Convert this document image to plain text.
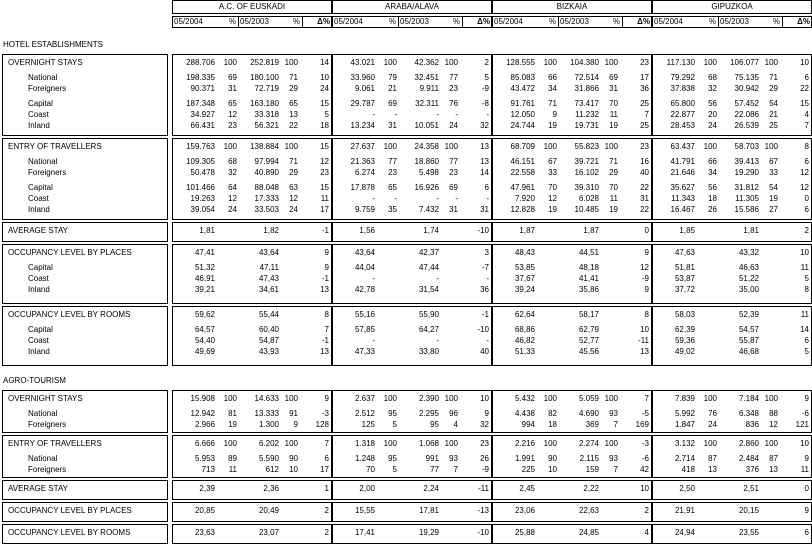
A.C. OF EUSKADI
05/2004	% 05/2003	%	Δ%
ARABA/ALAVA
05/2004	% 05/2003	%	Δ%
BIZKAIA
05/2004	% 05/2003	%	Δ%
GIPUZKOA
05/2004	% 05/2003	%	Δ%
HOTEL ESTABLISHMENTS
OVERNIGHT STAYS	288.706	100	252.819 100	14	43.021	100	42.362 100	2	128.555	100	104.380 100	23	117.130	100	106.077 100	10
National	198.335	69	180.100	71	10	33.960	79	32.451	77	5	85.083	66	72.514	69	17	79.292	68	75.135	71	6
Foreigners	90.371	31	72.719	29	24	9.061	21	9.911	23	-9	43.472	34	31.866	31	36	37.838	32	30.942	29	22
Capital	187.348	65	163.180	65	15	29.787	69	32.311	76	-8	91.761	71	73.417	70	25	65.800	56	57.452	54	15
Coast	34.927	12	33.318	13	5	-	-	-	-	-	12.050	9	11.232	11	7	22.877	20	22.086	21	4
Inland	66.431	23	56.321	22	18	13.234	31	10.051	24	32	24.744	19	19.731	19	25	28.453	24	26.539	25	7
ENTRY OF TRAVELLERS	159.763	100	138.884 100	15	27.637	100	24.358 100	13	68.709	100	55.823 100	23	63.437	100	58.703 100	8
National	109.305	68	97.994	71	12	21.363	77	18.860	77	13	46.151	67	39.721	71	16	41.791	66	39.413	67	6
Foreigners	50.478	32	40.890	29	23	6.274	23	5.498	23	14	22.558	33	16.102	29	40	21.646	34	19.290	33	12
Capital	101.466	64	88.048	63	15	17.878	65	16.926	69	6	47.961	70	39.310	70	22	35.627	56	31.812	54	12
Coast	19.263	12	17.333	12	11	-	-	-	-	-	7.920	12	6.028	11	31	11.343	18	11.305	19	0
Inland	39.054	24	33.503	24	17	9.759	35	7.432	31	31	12.828	19	10.485	19	22	16.467	26	15.586	27	6
AVERAGE STAY	1,81	1,82	-1	1,56	1,74	-10	1,87	1,87	0	1,85	1,81	2
OCCUPANCY LEVEL BY PLACES	47,41	43,64	9	43,64	42,37	3	48,43	44,51	9	47,63	43,32	10
Capital	51,32	47,11	9	44,04	47,44	-7	53,85	48,18	12	51,81	46,63	11
Coast	46,91	47,43	-1	-	-	-	37,67	41,41	-9	53,87	51,22	5
Inland	39,21	34,61	13	42,78	31,54	36	39,24	35,86	9	37,72	35,00	8
OCCUPANCY LEVEL BY ROOMS	59,62	55,44	8	55,16	55,90	-1	62,64	58,17	8	58,03	52,39	11
Capital	64,57	60,40	7	57,85	64,27	-10	68,86	62,79	10	62,39	54,57	14
Coast	54,40	54,87	-1	-	-	-	46,82	52,77	-11	59,36	55,87	6
Inland	49,69	43,93	13	47,33	33,80	40	51,33	45,56	13	49,02	46,68	5
AGRO-TOURISM
OVERNIGHT STAYS	15.908	100	14.633 100	9	2.637	100	2.390 100	10	5.432	100	5.059 100	7	7.839	100	7.184 100	9
National	12.942	81	13.333	91	-3	2.512	95	2.295	96	9	4.438	82	4.690	93	-5	5.992	76	6.348	88	-6
Foreigners	2.966	19	1.300	9	128	125	5	95	4	32	994	18	369	7	169	1.847	24	836	12	121
ENTRY OF TRAVELLERS	6.666	100	6.202 100	7	1.318	100	1.068 100	23	2.216	100	2.274 100	-3	3.132	100	2.860 100	10
National	5.953	89	5.590	90	6	1.248	95	991	93	26	1.991	90	2.115	93	-6	2.714	87	2.484	87	9
Foreigners	713	11	612	10	17	70	5	77	7	-9	225	10	159	7	42	418	13	376	13	11
AVERAGE STAY	2,39	2,36	1	2,00	2,24	-11	2,45	2,22	10	2,50	2,51	0
OCCUPANCY LEVEL BY PLACES	20,85	20,49	2	15,55	17,81	-13	23,06	22,63	2	21,91	20,15	9
OCCUPANCY LEVEL BY ROOMS	23,63	23,07	2	17,41	19,29	-10	25,88	24,85	4	24,94	23,55	6
